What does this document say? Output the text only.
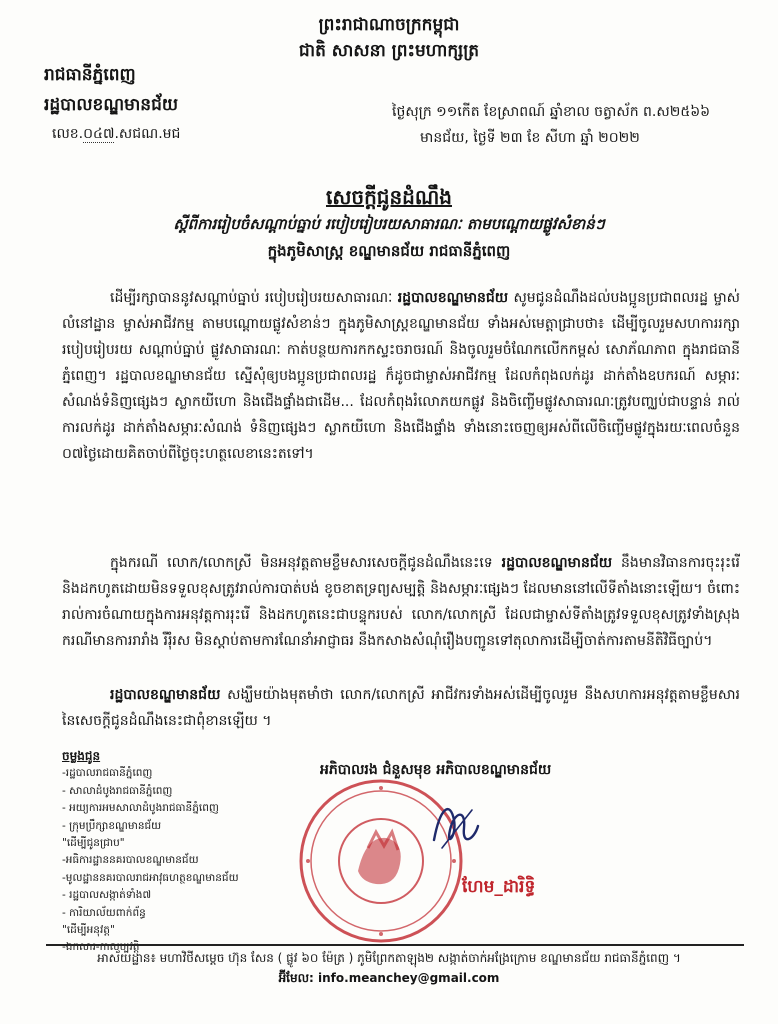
ព្រះរាជាណាចក្រកម្ពុជា
ជាតិ សាសនា ព្រះមហាក្សត្រ
រាជធានីភ្នំពេញ
រដ្ឋបាលខណ្ឌមានជ័យ
លេខ.០៤៧.សជណ.មជ
ថ្ងៃសុក្រ ១១កើត ខែស្រាពណ៍ ឆ្នាំខាល ចត្វាស័ក ព.ស២៥៦៦
មានជ័យ, ថ្ងៃទី ២៣ ខែ សីហា ឆ្នាំ ២០២២
សេចក្តីជូនដំណឹង
ស្តីពីការរៀបចំសណ្តាប់ធ្នាប់ របៀបរៀបរយសាធារណៈ តាមបណ្តោយផ្លូវសំខាន់ៗ
ក្នុងភូមិសាស្ត្រ ខណ្ឌមានជ័យ រាជធានីភ្នំពេញ
ដើម្បីរក្សាបាននូវសណ្តាប់ធ្នាប់ របៀបរៀបរយសាធារណៈ រដ្ឋបាលខណ្ឌមានជ័យ សូមជូនដំណឹងដល់បងប្អូនប្រជាពលរដ្ឋ ម្ចាស់លំនៅដ្ឋាន ម្ចាស់អាជីវកម្ម តាមបណ្តោយផ្លូវសំខាន់ៗ ក្នុងភូមិសាស្ត្រខណ្ឌមានជ័យ ទាំងអស់មេត្តាជ្រាបថា៖ ដើម្បីចូលរួមសហការរក្សារបៀបរៀបរយ សណ្តាប់ធ្នាប់ ផ្លូវសាធារណៈ កាត់បន្ថយការកកស្ទះចរាចរណ៍ និងចូលរួមចំណែកលើកកម្ពស់ សោភ័ណភាព ក្នុងរាជធានីភ្នំពេញ។ រដ្ឋបាលខណ្ឌមានជ័យ ស្នើសុំឲ្យបងប្អូនប្រជាពលរដ្ឋ ក៏ដូចជាម្ចាស់អាជីវកម្ម ដែលកំពុងលក់ដូរ ដាក់តាំងឧបករណ៍ សម្ភារៈសំណង់ទំនិញផ្សេងៗ ស្លាកយីហោ និងជើងផ្ទាំងជាដើម... ដែលកំពុងរំលោភយកផ្លូវ និងចិញ្ចើមផ្លូវសាធារណៈត្រូវបញ្ឈប់ជាបន្ទាន់ រាល់ការលក់ដូរ ដាក់តាំងសម្ភារៈសំណង់ ទំនិញផ្សេងៗ ស្លាកយីហោ និងជើងផ្ទាំង ទាំងនោះចេញឲ្យអស់ពីលើចិញ្ចើមផ្លូវក្នុងរយៈពេលចំនួន ០៧ថ្ងៃដោយគិតចាប់ពីថ្ងៃចុះហត្ថលេខានេះតទៅ។
ក្នុងករណី លោក/លោកស្រី មិនអនុវត្តតាមខ្លឹមសារសេចក្តីជូនដំណឹងនេះទេ រដ្ឋបាលខណ្ឌមានជ័យ នឹងមានវិធានការចុះរុះរើ និងដកហូតដោយមិនទទួលខុសត្រូវរាល់ការបាត់បង់ ខូចខាតទ្រព្យសម្បត្តិ និងសម្ភារៈផ្សេងៗ ដែលមាននៅលើទីតាំងនោះឡើយ។ ចំពោះរាល់ការចំណាយក្នុងការអនុវត្តការរុះរើ និងដកហូតនេះជាបន្ទុករបស់ លោក/លោកស្រី ដែលជាម្ចាស់ទីតាំងត្រូវទទួលខុសត្រូវទាំងស្រុង ករណីមានការរារាំង រឺរុំរស មិនស្តាប់តាមការណែនាំអាជ្ញាធរ នឹងកសាងសំណុំរឿងបញ្ជូនទៅតុលាការដើម្បីចាត់ការតាមនីតិវិធីច្បាប់។
រដ្ឋបាលខណ្ឌមានជ័យ សង្ឃឹមយ៉ាងមុតមាំថា លោក/លោកស្រី អាជីវករទាំងអស់ដើម្បីចូលរួម នឹងសហការអនុវត្តតាមខ្លឹមសារនៃសេចក្តីជូនដំណឹងនេះជាពុំខានឡើយ ។
ចម្លងជូន
-រដ្ឋបាលរាជធានីភ្នំពេញ
- សាលាដំបូងរាជធានីភ្នំពេញ
- អយ្យការអមសាលាដំបូងរាជធានីភ្នំពេញ
- ក្រុមប្រឹក្សាខណ្ឌមានជ័យ
"ដើម្បីជូនជ្រាប"
-អធិការដ្ឋាននគរបាលខណ្ឌមានជ័យ
-មូលដ្ឋាននគរបាលរាជអាវុធហត្ថខណ្ឌមានជ័យ
- រដ្ឋបាលសង្កាត់ទាំង៧
- ការិយាល័យពាក់ព័ន្ធ
"ដើម្បីអនុវត្ត"
-ឯកសារ-កាលប្បវត្តិ
អភិបាលរង ជំនួសមុខ អភិបាលខណ្ឌមានជ័យ
ហែម_ដារិទ្ធិ
អាស័យដ្ឋាន៖ មហាវិថីសម្តេច ហ៊ុន សែន ( ផ្លូវ ៦០ ម៉ែត្រ ) ភូមិព្រែកតាឡុង២ សង្កាត់ចាក់អង្រែក្រោម ខណ្ឌមានជ័យ រាជធានីភ្នំពេញ ។
អ៊ីមែល: info.meanchey@gmail.com
